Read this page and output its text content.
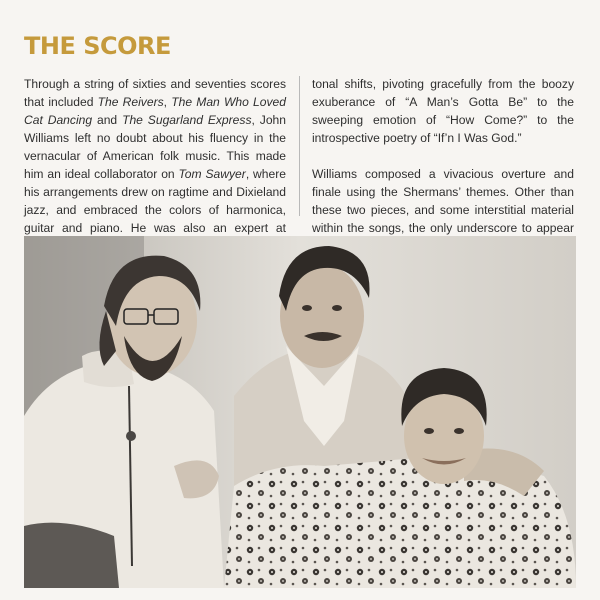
THE SCORE

Through a string of sixties and seventies scores that included The Reivers, The Man Who Loved Cat Dancing and The Sugarland Express, John Williams left no doubt about his fluency in the vernacular of American folk music. This made him an ideal collaborator on Tom Sawyer, where his arrangements drew on ragtime and Dixieland jazz, and embraced the colors of harmonica, guitar and piano. He was also an expert at

tonal shifts, pivoting gracefully from the boozy exuberance of “A Man’s Gotta Be” to the sweeping emotion of “How Come?” to the introspective poetry of “If’n I Was God.”

Williams composed a vivacious overture and finale using the Shermans’ themes. Other than these two pieces, and some interstitial material within the songs, the only underscore to appear
